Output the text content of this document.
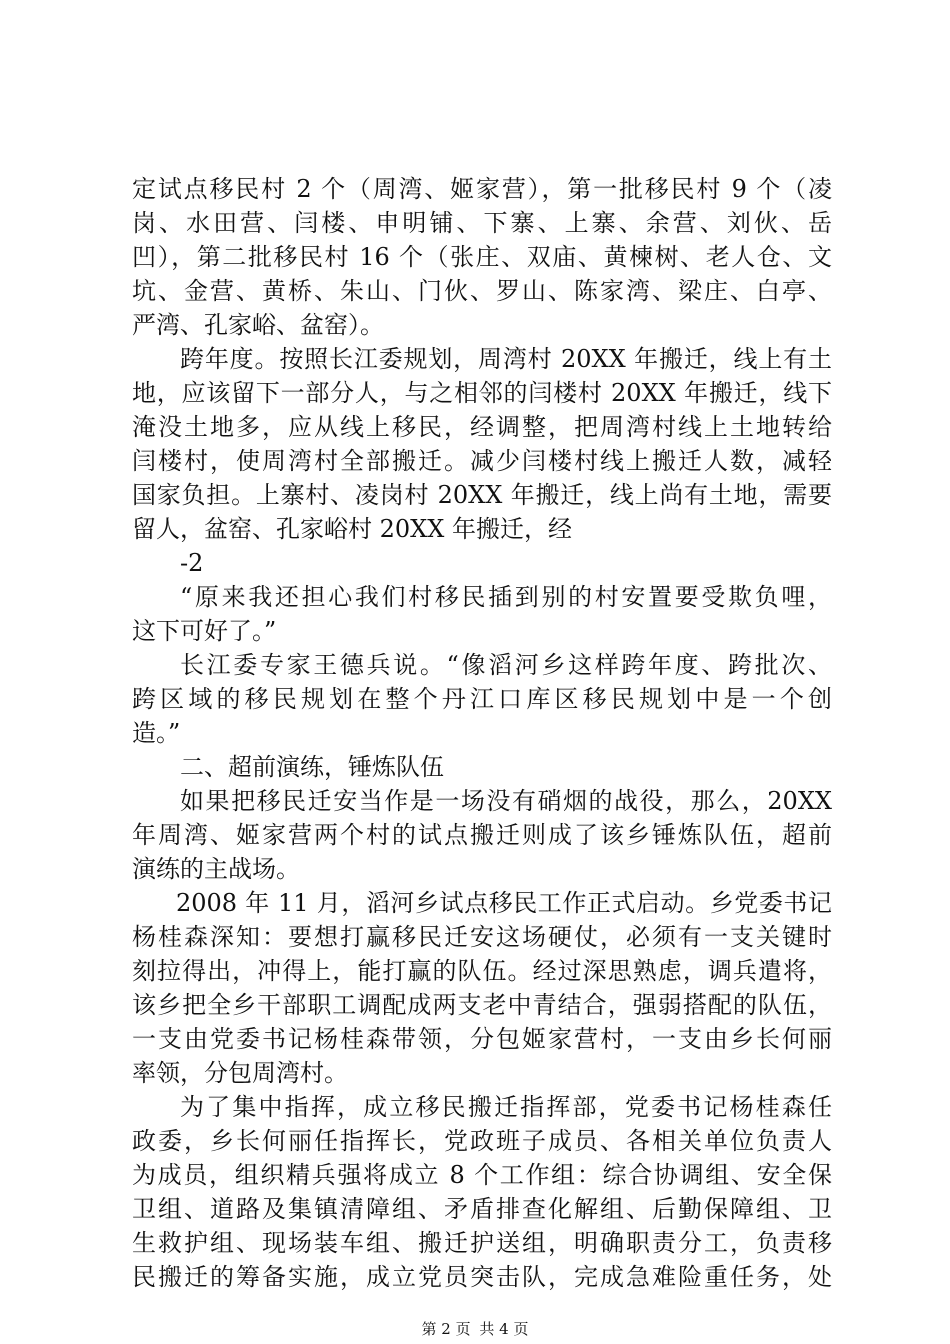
定试点移民村 2 个（周湾、姬家营），第一批移民村 9 个（凌
岗、水田营、闫楼、申明铺、下寨、上寨、余营、刘伙、岳
凹），第二批移民村 16 个（张庄、双庙、黄楝树、老人仓、文
坑、金营、黄桥、朱山、门伙、罗山、陈家湾、梁庄、白亭、
严湾、孔家峪、盆窑）。
跨年度。按照长江委规划，周湾村 20XX 年搬迁，线上有土
地，应该留下一部分人，与之相邻的闫楼村 20XX 年搬迁，线下
淹没土地多，应从线上移民，经调整，把周湾村线上土地转给
闫楼村，使周湾村全部搬迁。减少闫楼村线上搬迁人数，减轻
国家负担。上寨村、凌岗村 20XX 年搬迁，线上尚有土地，需要
留人，盆窑、孔家峪村 20XX 年搬迁，经
-2
“原来我还担心我们村移民插到别的村安置要受欺负哩，
这下可好了。”
长江委专家王德兵说。“像滔河乡这样跨年度、跨批次、
跨区域的移民规划在整个丹江口库区移民规划中是一个创
造。”
二、超前演练，锤炼队伍
如果把移民迁安当作是一场没有硝烟的战役，那么，20XX
年周湾、姬家营两个村的试点搬迁则成了该乡锤炼队伍，超前
演练的主战场。
2008 年 11 月，滔河乡试点移民工作正式启动。乡党委书记
杨桂森深知：要想打赢移民迁安这场硬仗，必须有一支关键时
刻拉得出，冲得上，能打赢的队伍。经过深思熟虑，调兵遣将，
该乡把全乡干部职工调配成两支老中青结合，强弱搭配的队伍，
一支由党委书记杨桂森带领，分包姬家营村，一支由乡长何丽
率领，分包周湾村。
为了集中指挥，成立移民搬迁指挥部，党委书记杨桂森任
政委，乡长何丽任指挥长，党政班子成员、各相关单位负责人
为成员，组织精兵强将成立 8 个工作组：综合协调组、安全保
卫组、道路及集镇清障组、矛盾排查化解组、后勤保障组、卫
生救护组、现场装车组、搬迁护送组，明确职责分工，负责移
民搬迁的筹备实施，成立党员突击队，完成急难险重任务，处
第 2 页 共 4 页
